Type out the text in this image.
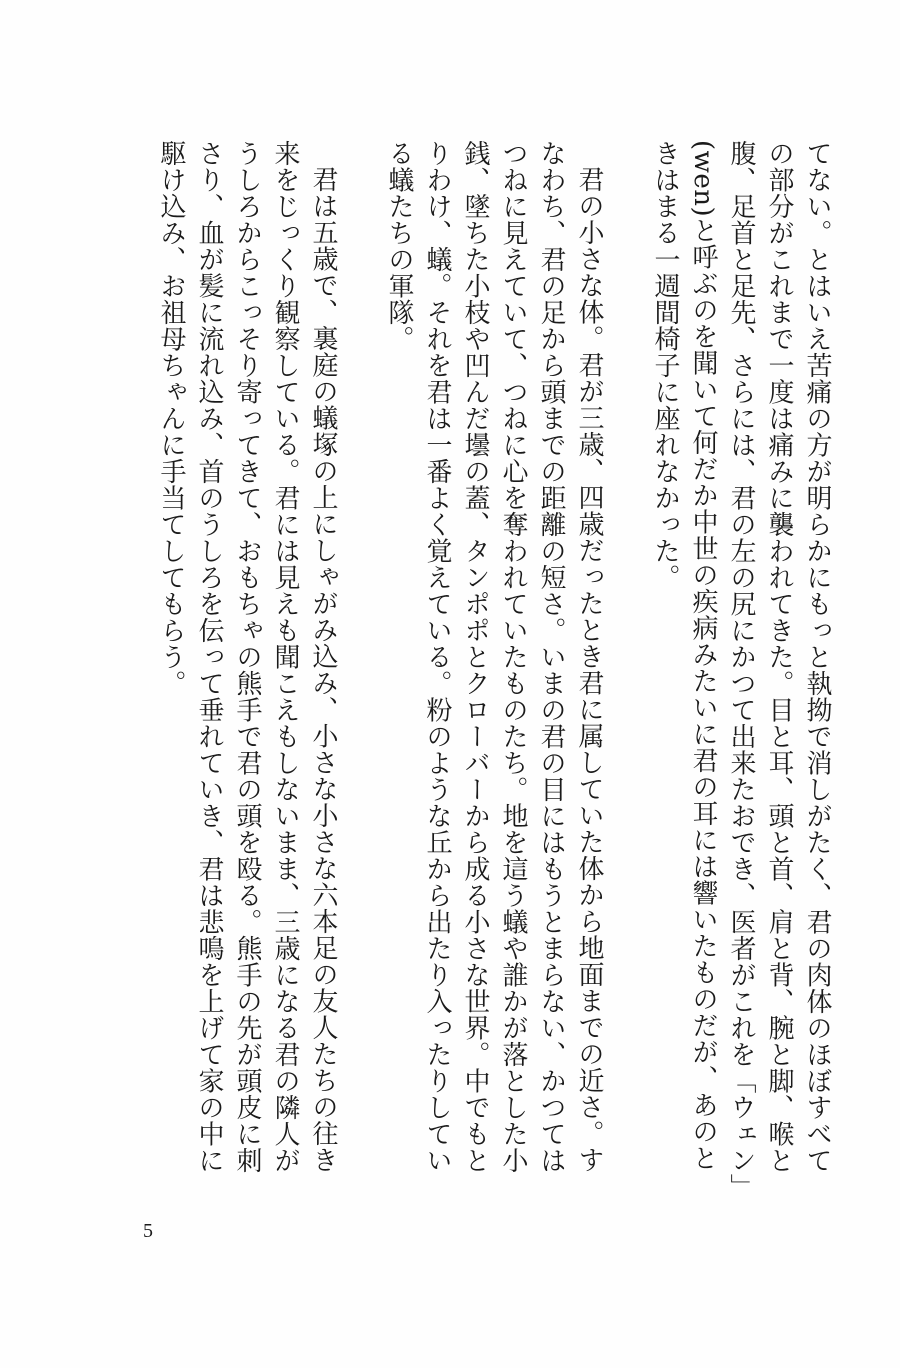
てない。とはいえ苦痛の方が明らかにもっと執拗で消しがたく、君の肉体のほぼすべての部分がこれまで一度は痛みに襲われてきた。目と耳、頭と首、肩と背、腕と脚、喉と腹、足首と足先、さらには、君の左の尻にかつて出来たおでき、医者がこれを「ウェン」(wen)と呼ぶのを聞いて何だか中世の疾病みたいに君の耳には響いたものだが、あのときはまる一週間椅子に座れなかった。

君の小さな体。君が三歳、四歳だったとき君に属していた体から地面までの近さ。すなわち、君の足から頭までの距離の短さ。いまの君の目にはもうとまらない、かつてはつねに見えていて、つねに心を奪われていたものたち。地を這う蟻や誰かが落とした小銭、墜ちた小枝や凹んだ壜の蓋、タンポポとクローバーから成る小さな世界。中でもとりわけ、蟻。それを君は一番よく覚えている。粉のような丘から出たり入ったりしている蟻たちの軍隊。

君は五歳で、裏庭の蟻塚の上にしゃがみ込み、小さな小さな六本足の友人たちの往き来をじっくり観察している。君には見えも聞こえもしないまま、三歳になる君の隣人がうしろからこっそり寄ってきて、おもちゃの熊手で君の頭を殴る。熊手の先が頭皮に刺さり、血が髪に流れ込み、首のうしろを伝って垂れていき、君は悲鳴を上げて家の中に駆け込み、お祖母ちゃんに手当てしてもらう。

5
